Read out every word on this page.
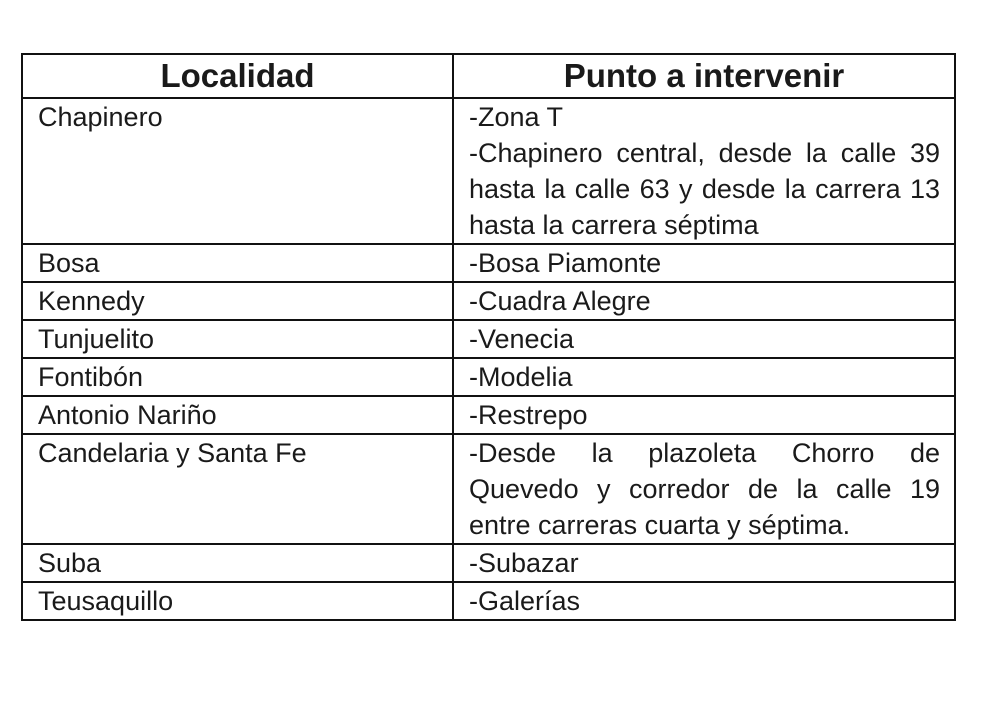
Localidad	Punto a intervenir
Chapinero	-Zona T
-Chapinero central, desde la calle 39 hasta la calle 63 y desde la carrera 13 hasta la carrera séptima

Bosa	-Bosa Piamonte
Kennedy	-Cuadra Alegre
Tunjuelito	-Venecia
Fontibón	-Modelia
Antonio Nariño	-Restrepo
Candelaria y Santa Fe	-Desde la plazoleta Chorro de Quevedo y corredor de la calle 19 entre carreras cuarta y séptima.
Suba	-Subazar
Teusaquillo	-Galerías
